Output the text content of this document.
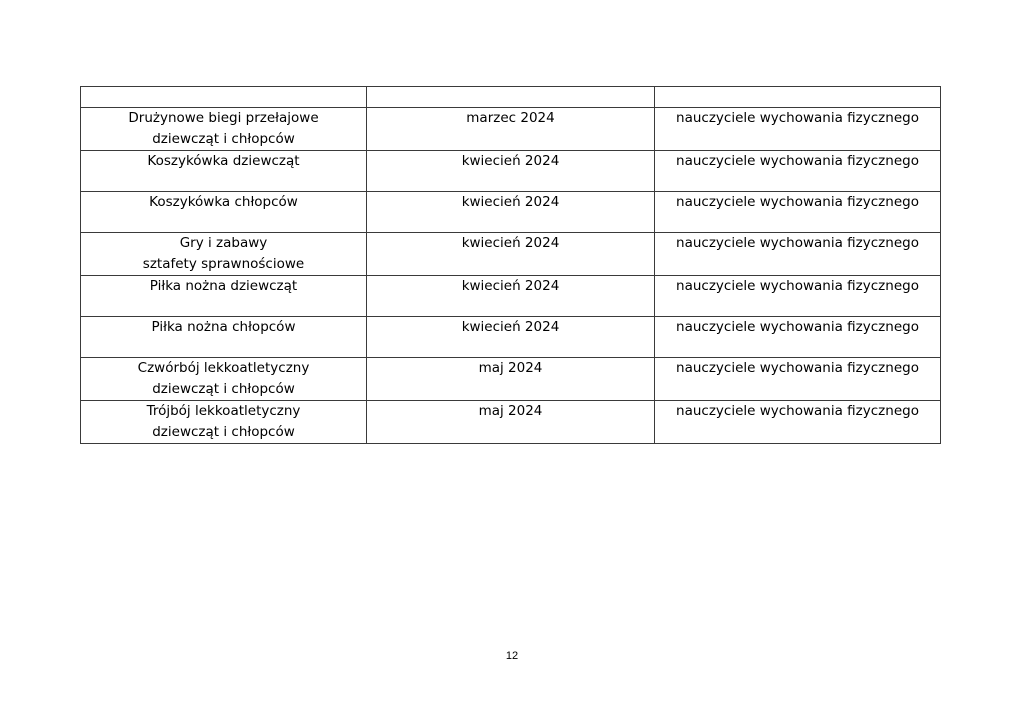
Drużynowe biegi przełajowe
dziewcząt i chłopców	marzec 2024	nauczyciele wychowania fizycznego

Koszykówka dziewcząt	kwiecień 2024	nauczyciele wychowania fizycznego

Koszykówka chłopców	kwiecień 2024	nauczyciele wychowania fizycznego

Gry i zabawy
sztafety sprawnościowe	kwiecień 2024	nauczyciele wychowania fizycznego

Piłka nożna dziewcząt	kwiecień 2024	nauczyciele wychowania fizycznego

Piłka nożna chłopców	kwiecień 2024	nauczyciele wychowania fizycznego

Czwórbój lekkoatletyczny
dziewcząt i chłopców	maj 2024	nauczyciele wychowania fizycznego

Trójbój lekkoatletyczny
dziewcząt i chłopców	maj 2024	nauczyciele wychowania fizycznego
12
